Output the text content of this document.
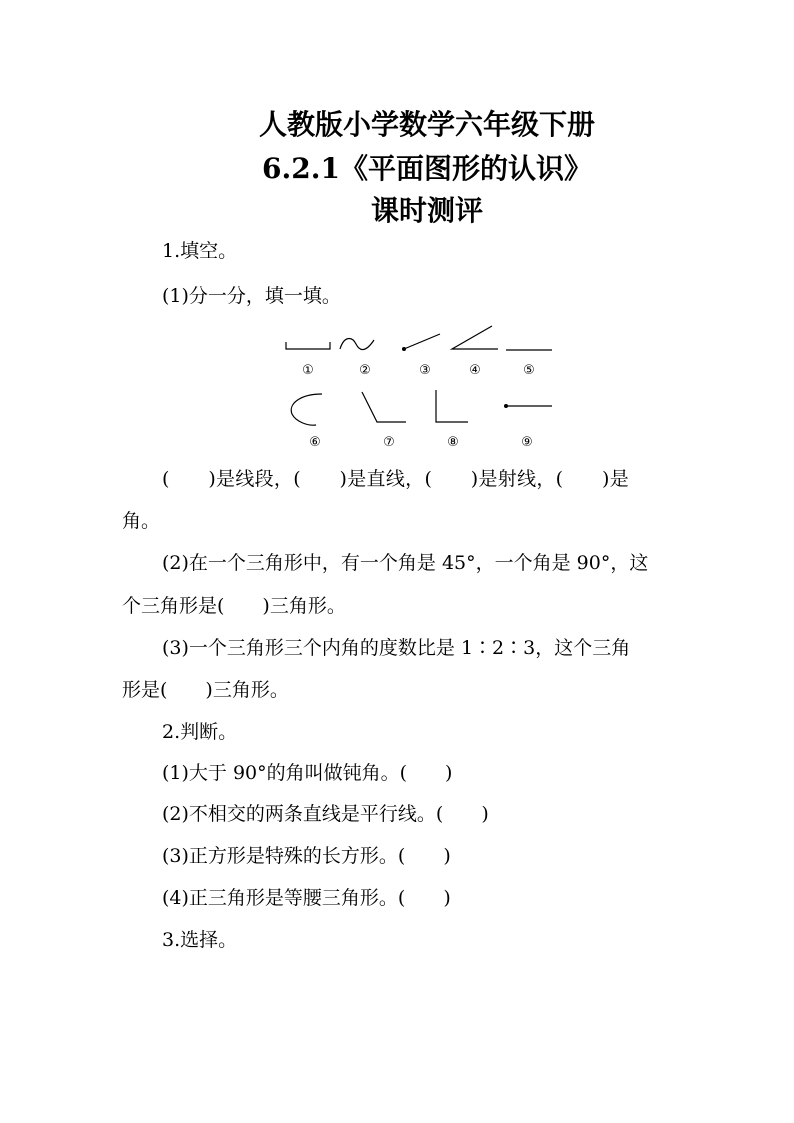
人教版小学数学六年级下册
6.2.1《平面图形的认识》
课时测评
1.填空。
(1)分一分，填一填。
①	②	③	④	⑤
⑥	⑦	⑧	⑨
(　　)是线段，(　　)是直线，(　　)是射线，(　　)是
角。
(2)在一个三角形中，有一个角是 45°，一个角是 90°，这
个三角形是(　　)三角形。
(3)一个三角形三个内角的度数比是 1∶2∶3，这个三角
形是(　　)三角形。
2.判断。
(1)大于 90°的角叫做钝角。(　　)
(2)不相交的两条直线是平行线。(　　)
(3)正方形是特殊的长方形。(　　)
(4)正三角形是等腰三角形。(　　)
3.选择。
